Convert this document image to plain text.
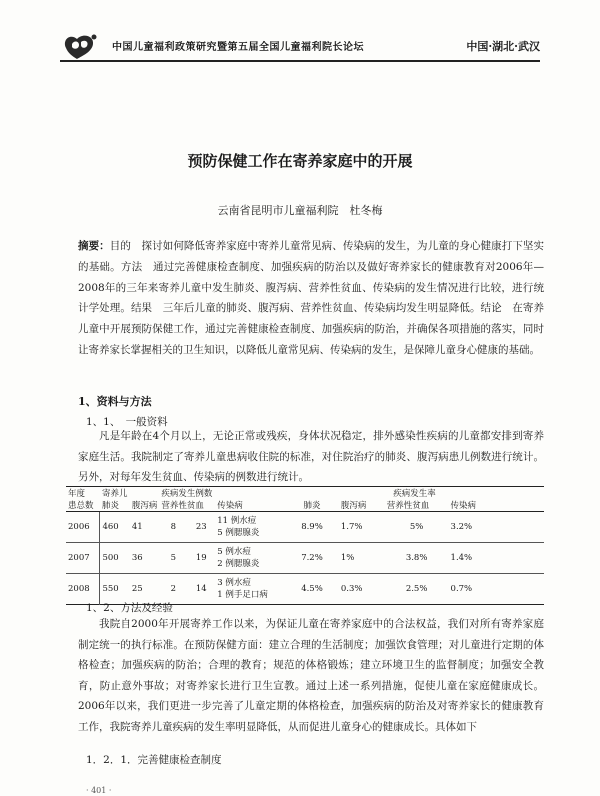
中国儿童福利政策研究暨第五届全国儿童福利院长论坛	中国·湖北·武汉
预防保健工作在寄养家庭中的开展
云南省昆明市儿童福利院　杜冬梅
摘要：目的　探讨如何降低寄养家庭中寄养儿童常见病、传染病的发生，为儿童的身心健康打下坚实的基础。方法　通过完善健康检查制度、加强疾病的防治以及做好寄养家长的健康教育对2006年—2008年的三年来寄养儿童中发生肺炎、腹泻病、营养性贫血、传染病的发生情况进行比较，进行统计学处理。结果　三年后儿童的肺炎、腹泻病、营养性贫血、传染病均发生明显降低。结论　在寄养儿童中开展预防保健工作，通过完善健康检查制度、加强疾病的防治，并确保各项措施的落实，同时让寄养家长掌握相关的卫生知识，以降低儿童常见病、传染病的发生，是保障儿童身心健康的基础。
1、资料与方法
1、1、　一般资料
凡是年龄在4个月以上，无论正常或残疾，身体状况稳定，排外感染性疾病的儿童都安排到寄养家庭生活。我院制定了寄养儿童患病收住院的标准，对住院治疗的肺炎、腹泻病患儿例数进行统计。另外，对每年发生贫血、传染病的例数进行统计。
年度	寄养儿		疾病发生例数			疾病发生率			
患总数	肺炎	腹泻病	营养性贫血		传染病	肺炎	腹泻病	营养性贫血	传染病
2006	460	41	8	23	11 例水痘
5 例腮腺炎	8.9%	1.7%	5%	3.2%
2007	500	36	5	19	5 例水痘
2 例腮腺炎	7.2%	1%	3.8%	1.4%
2008	550	25	2	14	3 例水痘
1 例手足口病	4.5%	0.3%	2.5%	0.7%
1、2、方法及经验
我院自2000年开展寄养工作以来，为保证儿童在寄养家庭中的合法权益，我们对所有寄养家庭制定统一的执行标准。在预防保健方面：建立合理的生活制度；加强饮食管理；对儿童进行定期的体格检查；加强疾病的防治；合理的教育；规范的体格锻炼；建立环境卫生的监督制度；加强安全教育，防止意外事故；对寄养家长进行卫生宣教。通过上述一系列措施，促使儿童在家庭健康成长。2006年以来，我们更进一步完善了儿童定期的体格检查，加强疾病的防治及对寄养家长的健康教育工作，我院寄养儿童疾病的发生率明显降低，从而促进儿童身心的健康成长。具体如下
1．2．1．完善健康检查制度
· 401 ·
